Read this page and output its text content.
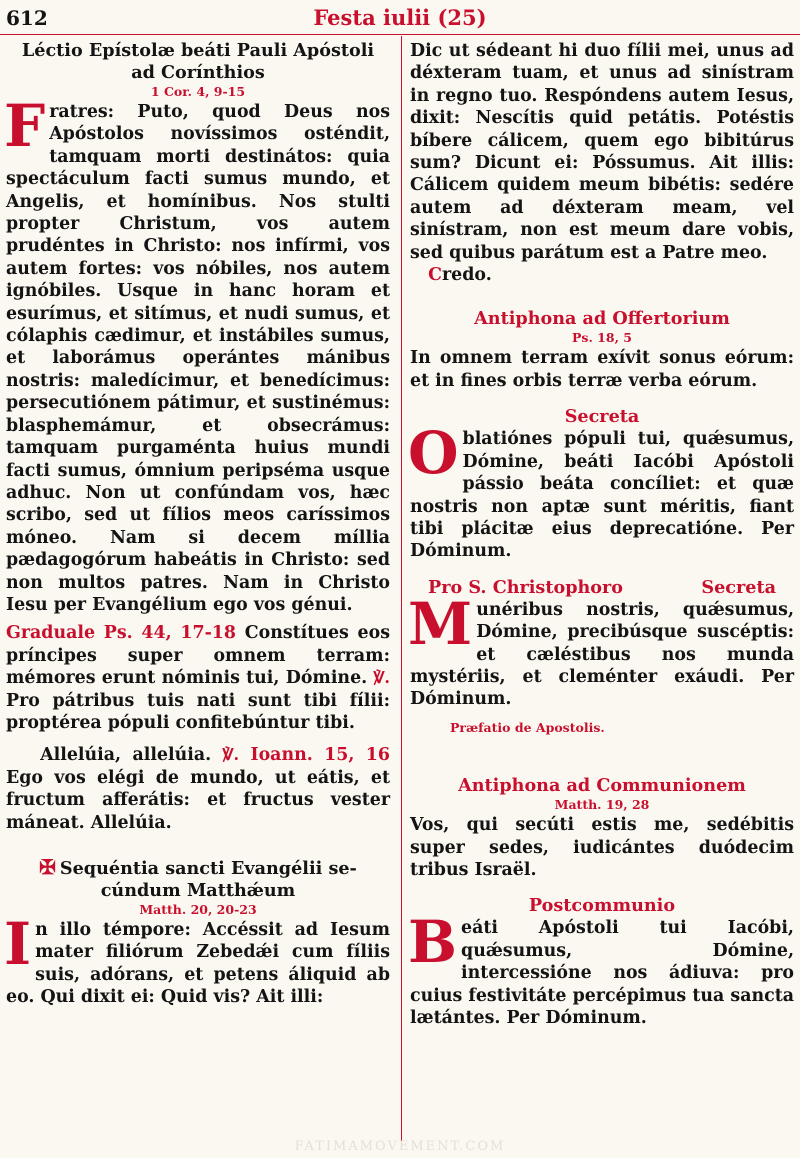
612	Festa iulii (25)
Léctio Epístolæ beáti Pauli Apóstoli
ad Corínthios
1 Cor. 4, 9-15

Fratres: Puto, quod Deus nos Apóstolos novíssimos osténdit, tamquam morti destinátos: quia spectáculum facti sumus mundo, et Angelis, et homínibus. Nos stulti propter Christum, vos autem prudéntes in Christo: nos infírmi, vos autem fortes: vos nóbiles, nos autem ignóbiles. Usque in hanc horam et esurímus, et sitímus, et nudi sumus, et cólaphis cædimur, et instábiles sumus, et laborámus operántes mánibus nostris: maledícimur, et benedícimus: persecutiónem pátimur, et sustinémus: blasphemámur, et obsecrámus: tamquam purgaménta huius mundi facti sumus, ómnium peripséma usque adhuc. Non ut confúndam vos, hæc scribo, sed ut fílios meos caríssimos móneo. Nam si decem míllia pædagogórum habeátis in Christo: sed non multos patres. Nam in Christo Iesu per Evangélium ego vos génui.

Graduale Ps. 44, 17-18 Constítues eos príncipes super omnem terram: mémores erunt nóminis tui, Dómine. ℣. Pro pátribus tuis nati sunt tibi fílii: proptérea pópuli confitebúntur tibi.

Allelúia, allelúia. ℣. Ioann. 15, 16 Ego vos elégi de mundo, ut eátis, et fructum afferátis: et fructus vester máneat. Allelúia.

✠ Sequéntia sancti Evangélii se-
cúndum Matthǽum
Matth. 20, 20-23

In illo témpore: Accéssit ad Iesum mater filiórum Zebedǽi cum fíliis suis, adórans, et petens áliquid ab eo. Qui dixit ei: Quid vis? Ait illi:

Dic ut sédeant hi duo fílii mei, unus ad déxteram tuam, et unus ad sinístram in regno tuo. Respóndens autem Iesus, dixit: Nescítis quid petátis. Potéstis bíbere cálicem, quem ego bibitúrus sum? Dicunt ei: Póssumus. Ait illis: Cálicem quidem meum bibétis: sedére autem ad déxteram meam, vel sinístram, non est meum dare vobis, sed quibus parátum est a Patre meo.

Credo.

Antiphona ad Offertorium
Ps. 18, 5

In omnem terram exívit sonus eórum: et in fines orbis terræ verba eórum.

Secreta

Oblatiónes pópuli tui, quǽsumus, Dómine, beáti Iacóbi Apóstoli pássio beáta concíliet: et quæ nostris non aptæ sunt méritis, fiant tibi plácitæ eius deprecatióne. Per Dóminum.

Pro S. Christophoro	Secreta

Munéribus nostris, quǽsumus, Dómine, precibúsque suscéptis: et cæléstibus nos munda mystériis, et cleménter exáudi. Per Dóminum.

Præfatio de Apostolis.
Antiphona ad Communionem
Matth. 19, 28

Vos, qui secúti estis me, sedébitis super sedes, iudicántes duódecim tribus Israël.

Postcommunio

Beáti Apóstoli tui Iacóbi, quǽsumus, Dómine, intercessióne nos ádiuva: pro cuius festivitáte percépimus tua sancta lætántes. Per Dóminum.

FATIMAMOVEMENT.COM
